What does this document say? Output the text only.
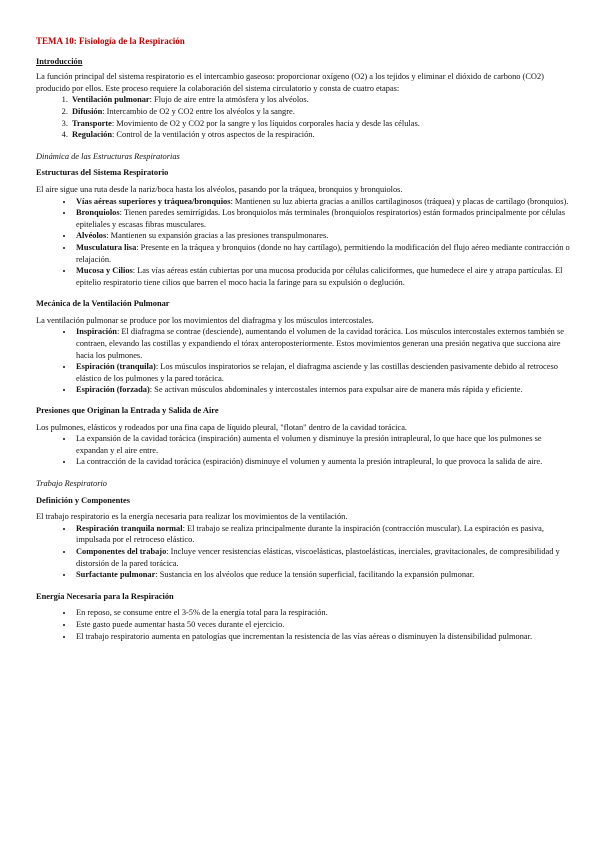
TEMA 10: Fisiología de la Respiración
Introducción

La función principal del sistema respiratorio es el intercambio gaseoso: proporcionar oxígeno (O2) a los tejidos y eliminar el dióxido de carbono (CO2) producido por ellos. Este proceso requiere la colaboración del sistema circulatorio y consta de cuatro etapas:

1. Ventilación pulmonar: Flujo de aire entre la atmósfera y los alvéolos.
2. Difusión: Intercambio de O2 y CO2 entre los alvéolos y la sangre.
3. Transporte: Movimiento de O2 y CO2 por la sangre y los líquidos corporales hacia y desde las células.
4. Regulación: Control de la ventilación y otros aspectos de la respiración.
Dinámica de las Estructuras Respiratorias
Estructuras del Sistema Respiratorio

El aire sigue una ruta desde la nariz/boca hasta los alvéolos, pasando por la tráquea, bronquios y bronquiolos.

• Vías aéreas superiores y tráquea/bronquios: Mantienen su luz abierta gracias a anillos cartilaginosos (tráquea) y placas de cartílago (bronquios).
• Bronquiolos: Tienen paredes semirrígidas. Los bronquiolos más terminales (bronquiolos respiratorios) están formados principalmente por células epiteliales y escasas fibras musculares.
• Alvéolos: Mantienen su expansión gracias a las presiones transpulmonares.
• Musculatura lisa: Presente en la tráquea y bronquios (donde no hay cartílago), permitiendo la modificación del flujo aéreo mediante contracción o relajación.
• Mucosa y Cilios: Las vías aéreas están cubiertas por una mucosa producida por células caliciformes, que humedece el aire y atrapa partículas. El epitelio respiratorio tiene cilios que barren el moco hacia la faringe para su expulsión o deglución.
Mecánica de la Ventilación Pulmonar

La ventilación pulmonar se produce por los movimientos del diafragma y los músculos intercostales.

• Inspiración: El diafragma se contrae (desciende), aumentando el volumen de la cavidad torácica. Los músculos intercostales externos también se contraen, elevando las costillas y expandiendo el tórax anteroposteriormente. Estos movimientos generan una presión negativa que succiona aire hacia los pulmones.
• Espiración (tranquila): Los músculos inspiratorios se relajan, el diafragma asciende y las costillas descienden pasivamente debido al retroceso elástico de los pulmones y la pared torácica.
• Espiración (forzada): Se activan músculos abdominales y intercostales internos para expulsar aire de manera más rápida y eficiente.
Presiones que Originan la Entrada y Salida de Aire

Los pulmones, elásticos y rodeados por una fina capa de líquido pleural, "flotan" dentro de la cavidad torácica.

• La expansión de la cavidad torácica (inspiración) aumenta el volumen y disminuye la presión intrapleural, lo que hace que los pulmones se expandan y el aire entre.
• La contracción de la cavidad torácica (espiración) disminuye el volumen y aumenta la presión intrapleural, lo que provoca la salida de aire.
Trabajo Respiratorio
Definición y Componentes

El trabajo respiratorio es la energía necesaria para realizar los movimientos de la ventilación.

• Respiración tranquila normal: El trabajo se realiza principalmente durante la inspiración (contracción muscular). La espiración es pasiva, impulsada por el retroceso elástico.
• Componentes del trabajo: Incluye vencer resistencias elásticas, viscoelásticas, plastoelásticas, inerciales, gravitacionales, de compresibilidad y distorsión de la pared torácica.
• Surfactante pulmonar: Sustancia en los alvéolos que reduce la tensión superficial, facilitando la expansión pulmonar.
Energía Necesaria para la Respiración
• En reposo, se consume entre el 3-5% de la energía total para la respiración.
• Este gasto puede aumentar hasta 50 veces durante el ejercicio.
• El trabajo respiratorio aumenta en patologías que incrementan la resistencia de las vías aéreas o disminuyen la distensibilidad pulmonar.
